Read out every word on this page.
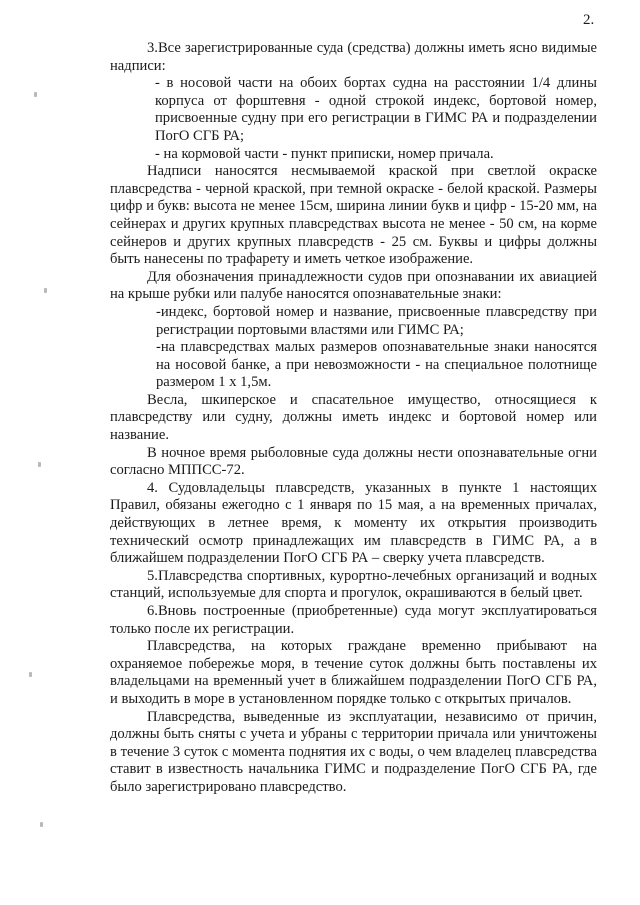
2.

3.Все зарегистрированные суда (средства) должны иметь ясно видимые надписи:

- в носовой части на обоих бортах судна на расстоянии 1/4 длины корпуса от форштевня - одной строкой индекс, бортовой номер, присвоенные судну при его регистрации в ГИМС РА и подразделении ПогО СГБ РА;

- на кормовой части - пункт приписки, номер причала.

Надписи наносятся несмываемой краской при светлой окраске плавсредства - черной краской, при темной окраске - белой краской. Размеры цифр и букв: высота не менее 15см, ширина линии букв и цифр - 15-20 мм, на сейнерах и других крупных плавсредствах высота не менее - 50 см, на корме сейнеров и других крупных плавсредств - 25 см. Буквы и цифры должны быть нанесены по трафарету и иметь четкое изображение.

Для обозначения принадлежности судов при опознавании их авиацией на крыше рубки или палубе наносятся опознавательные знаки:

-индекс, бортовой номер и название, присвоенные плавсредству при регистрации портовыми властями или ГИМС РА;

-на плавсредствах малых размеров опознавательные знаки наносятся на носовой банке, а при невозможности - на специальное полотнище размером 1 х 1,5м.

Весла, шкиперское и спасательное имущество, относящиеся к плавсредству или судну, должны иметь индекс и бортовой номер или название.

В ночное время рыболовные суда должны нести опознавательные огни согласно МППСС-72.

4. Судовладельцы плавсредств, указанных в пункте 1 настоящих Правил, обязаны ежегодно с 1 января по 15 мая, а на временных причалах, действующих в летнее время, к моменту их открытия производить технический осмотр принадлежащих им плавсредств в ГИМС РА, а в ближайшем подразделении ПогО СГБ РА – сверку учета плавсредств.

5.Плавсредства спортивных, курортно-лечебных организаций и водных станций, используемые для спорта и прогулок, окрашиваются в белый цвет.

6.Вновь построенные (приобретенные) суда могут эксплуатироваться только после их регистрации.

Плавсредства, на которых граждане временно прибывают на охраняемое побережье моря, в течение суток должны быть поставлены их владельцами на временный учет в ближайшем подразделении ПогО СГБ РА, и выходить в море в установленном порядке только с открытых причалов.

Плавсредства, выведенные из эксплуатации, независимо от причин, должны быть сняты с учета и убраны с территории причала или уничтожены в течение 3 суток с момента поднятия их с воды, о чем владелец плавсредства ставит в известность начальника ГИМС и подразделение ПогО СГБ РА, где было зарегистрировано плавсредство.
